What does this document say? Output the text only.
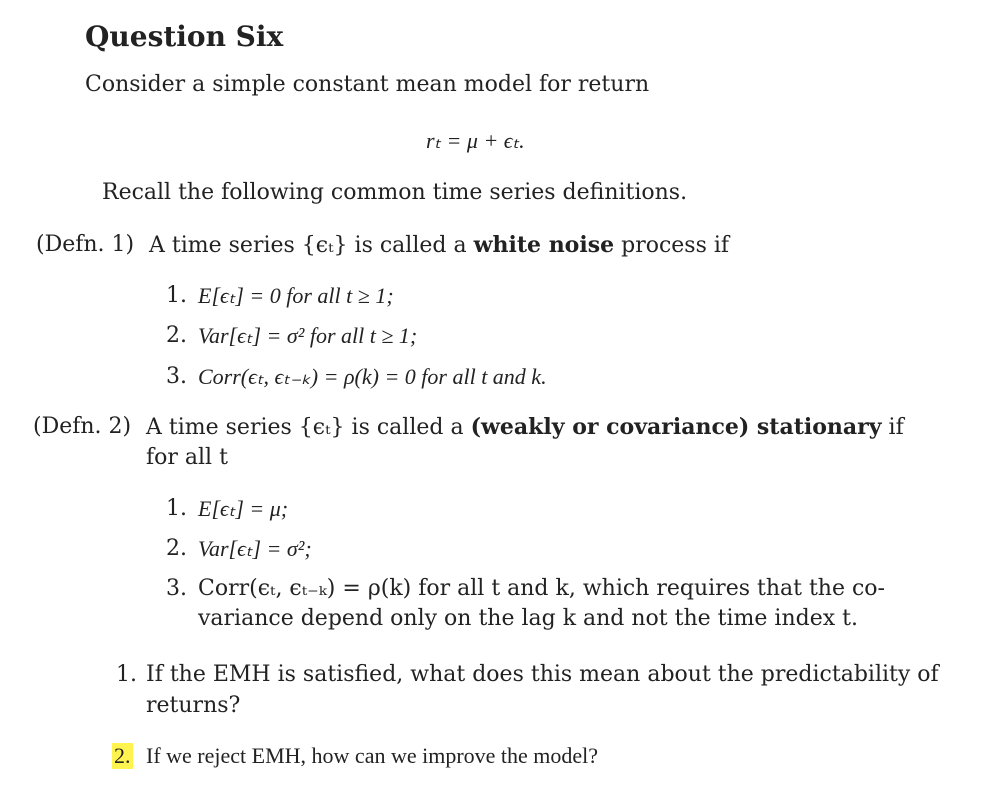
Question Six
Consider a simple constant mean model for return
rₜ = μ + ϵₜ.
Recall the following common time series definitions.
(Defn. 1) A time series {ϵₜ} is called a white noise process if
1. E[ϵₜ] = 0 for all t ≥ 1;
2. Var[ϵₜ] = σ² for all t ≥ 1;
3. Corr(ϵₜ, ϵₜ₋ₖ) = ρ(k) = 0 for all t and k.
(Defn. 2) A time series {ϵₜ} is called a (weakly or covariance) stationary if
for all t
1. E[ϵₜ] = μ;
2. Var[ϵₜ] = σ²;
3. Corr(ϵₜ, ϵₜ₋ₖ) = ρ(k) for all t and k, which requires that the co-
variance depend only on the lag k and not the time index t.
1. If the EMH is satisfied, what does this mean about the predictability of
returns?
2. If we reject EMH, how can we improve the model?
